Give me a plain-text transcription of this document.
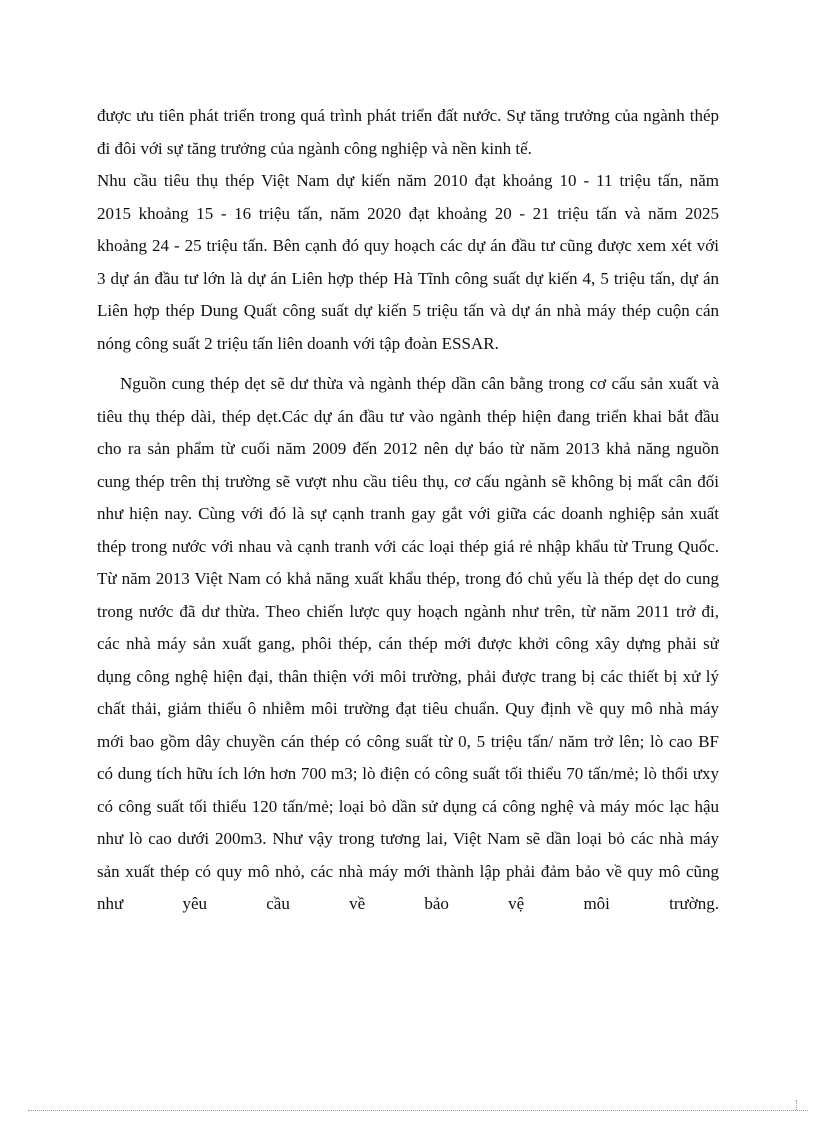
được ưu tiên phát triển trong quá trình phát triển đất nước. Sự tăng trưởng của ngành thép
đi đôi với sự tăng trưởng của ngành công nghiệp và nền kinh tế.
Nhu cầu tiêu thụ thép Việt Nam dự kiến năm 2010 đạt khoảng 10 - 11 triệu tấn, năm
2015 khoảng 15 - 16 triệu tấn, năm 2020 đạt khoảng 20 - 21 triệu tấn và năm 2025
khoảng 24 - 25 triệu tấn. Bên cạnh đó quy hoạch các dự án đầu tư cũng được xem xét với
3 dự án đầu tư lớn là dự án Liên hợp thép Hà Tĩnh công suất dự kiến 4, 5 triệu tấn, dự án
Liên hợp thép Dung Quất công suất dự kiến 5 triệu tấn và dự án nhà máy thép cuộn cán
nóng công suất 2 triệu tấn liên doanh với tập đoàn ESSAR.
Nguồn cung thép dẹt sẽ dư thừa và ngành thép dần cân bằng trong cơ cấu sản xuất và
tiêu thụ thép dài, thép dẹt.Các dự án đầu tư vào ngành thép hiện đang triển khai bắt đầu
cho ra sản phẩm từ cuối năm 2009 đến 2012 nên dự báo từ năm 2013 khả năng nguồn
cung thép trên thị trường sẽ vượt nhu cầu tiêu thụ, cơ cấu ngành sẽ không bị mất cân đối
như hiện nay. Cùng với đó là sự cạnh tranh gay gắt với giữa các doanh nghiệp sản xuất
thép trong nước với nhau và cạnh tranh với các loại thép giá rẻ nhập khẩu từ Trung Quốc.
Từ năm 2013 Việt Nam có khả năng xuất khẩu thép, trong đó chủ yếu là thép dẹt do cung
trong nước đã dư thừa. Theo chiến lược quy hoạch ngành như trên, từ năm 2011 trở đi,
các nhà máy sản xuất gang, phôi thép, cán thép mới được khởi công xây dựng phải sử
dụng công nghệ hiện đại, thân thiện với môi trường, phải được trang bị các thiết bị xử lý
chất thải, giảm thiểu ô nhiễm môi trường đạt tiêu chuẩn. Quy định về quy mô nhà máy
mới bao gồm dây chuyền cán thép có công suất từ 0, 5 triệu tấn/ năm trở lên; lò cao BF
có dung tích hữu ích lớn hơn 700 m3; lò điện có công suất tối thiểu 70 tấn/mẻ; lò thổi ưxy
có công suất tối thiểu 120 tấn/mẻ; loại bỏ dần sử dụng cá công nghệ và máy móc lạc hậu
như lò cao dưới 200m3. Như vậy trong tương lai, Việt Nam sẽ dần loại bỏ các nhà máy
sản xuất thép có quy mô nhỏ, các nhà máy mới thành lập phải đảm bảo về quy mô cũng
như yêu cầu về bảo vệ môi trường.
